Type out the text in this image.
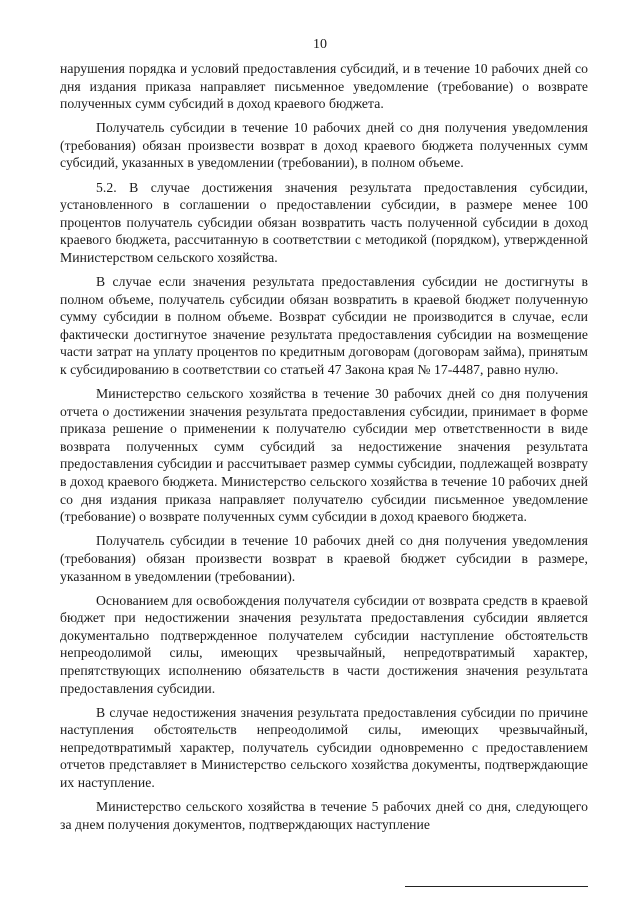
10

нарушения порядка и условий предоставления субсидий, и в течение 10 рабочих дней со дня издания приказа направляет письменное уведомление (требование) о возврате полученных сумм субсидий в доход краевого бюджета.

Получатель субсидии в течение 10 рабочих дней со дня получения уведомления (требования) обязан произвести возврат в доход краевого бюджета полученных сумм субсидий, указанных в уведомлении (требовании), в полном объеме.

5.2. В случае достижения значения результата предоставления субсидии, установленного в соглашении о предоставлении субсидии, в размере менее 100 процентов получатель субсидии обязан возвратить часть полученной субсидии в доход краевого бюджета, рассчитанную в соответствии с методикой (порядком), утвержденной Министерством сельского хозяйства.

В случае если значения результата предоставления субсидии не достигнуты в полном объеме, получатель субсидии обязан возвратить в краевой бюджет полученную сумму субсидии в полном объеме. Возврат субсидии не производится в случае, если фактически достигнутое значение результата предоставления субсидии на возмещение части затрат на уплату процентов по кредитным договорам (договорам займа), принятым к субсидированию в соответствии со статьей 47 Закона края № 17-4487, равно нулю.

Министерство сельского хозяйства в течение 30 рабочих дней со дня получения отчета о достижении значения результата предоставления субсидии, принимает в форме приказа решение о применении к получателю субсидии мер ответственности в виде возврата полученных сумм субсидий за недостижение значения результата предоставления субсидии и рассчитывает размер суммы субсидии, подлежащей возврату в доход краевого бюджета. Министерство сельского хозяйства в течение 10 рабочих дней со дня издания приказа направляет получателю субсидии письменное уведомление (требование) о возврате полученных сумм субсидии в доход краевого бюджета.

Получатель субсидии в течение 10 рабочих дней со дня получения уведомления (требования) обязан произвести возврат в краевой бюджет субсидии в размере, указанном в уведомлении (требовании).

Основанием для освобождения получателя субсидии от возврата средств в краевой бюджет при недостижении значения результата предоставления субсидии является документально подтвержденное получателем субсидии наступление обстоятельств непреодолимой силы, имеющих чрезвычайный, непредотвратимый характер, препятствующих исполнению обязательств в части достижения значения результата предоставления субсидии.

В случае недостижения значения результата предоставления субсидии по причине наступления обстоятельств непреодолимой силы, имеющих чрезвычайный, непредотвратимый характер, получатель субсидии одновременно с предоставлением отчетов представляет в Министерство сельского хозяйства документы, подтверждающие их наступление.

Министерство сельского хозяйства в течение 5 рабочих дней со дня, следующего за днем получения документов, подтверждающих наступление
